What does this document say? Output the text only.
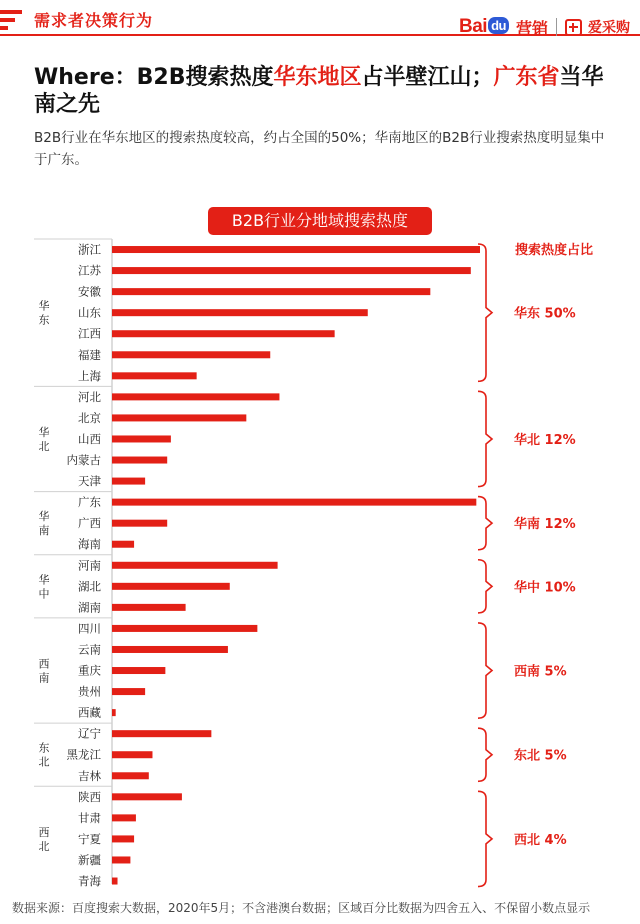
需求者决策行为	Bai du 营销	爱采购
Where：B2B搜索热度华东地区占半壁江山；广东省当华南之先

B2B行业在华东地区的搜索热度较高，约占全国的50%；华南地区的B2B行业搜索热度明显集中于广东。

B2B行业分地域搜索热度
搜索热度占比
浙江
江苏
安徽
山东
江西
福建
上海
华
东	华东 50%
河北
北京
山西
内蒙古
天津
华
北	华北 12%
广东
广西
海南
华
南	华南 12%
河南
湖北
湖南
华
中	华中 10%
四川
云南
重庆
贵州
西藏
西
南	西南 5%
辽宁
黑龙江
吉林
东
北	东北 5%
陕西
甘肃
宁夏
新疆
青海
西
北	西北 4%
数据来源：百度搜索大数据，2020年5月；不含港澳台数据；区域百分比数据为四舍五入、不保留小数点显示
